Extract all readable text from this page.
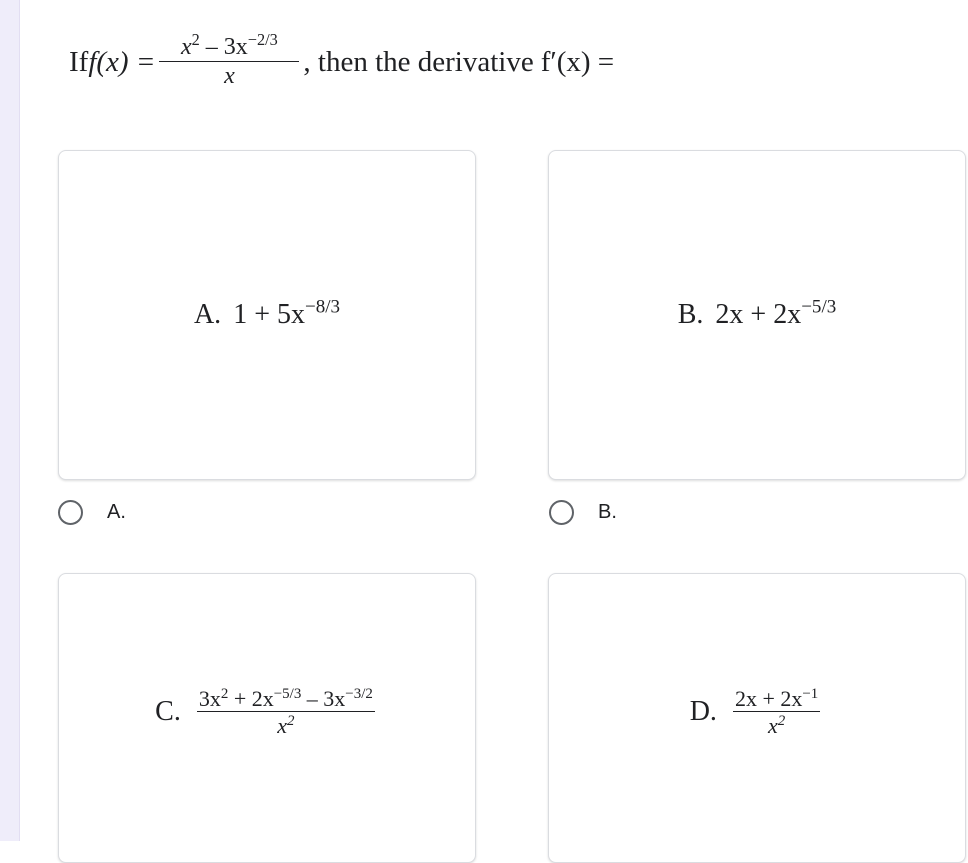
If $f(x) = \frac{x^2 - 3x^{-2/3}}{x}$ , then the derivative f′(x) =
A. $1 + 5x^{-8/3}$	B. $2x + 2x^{-5/3}$
A.	B.
C. $\frac{3x^2 + 2x^{-5/3} - 3x^{-3/2}}{x^2}$	D. $\frac{2x + 2x^{-1}}{x^2}$
